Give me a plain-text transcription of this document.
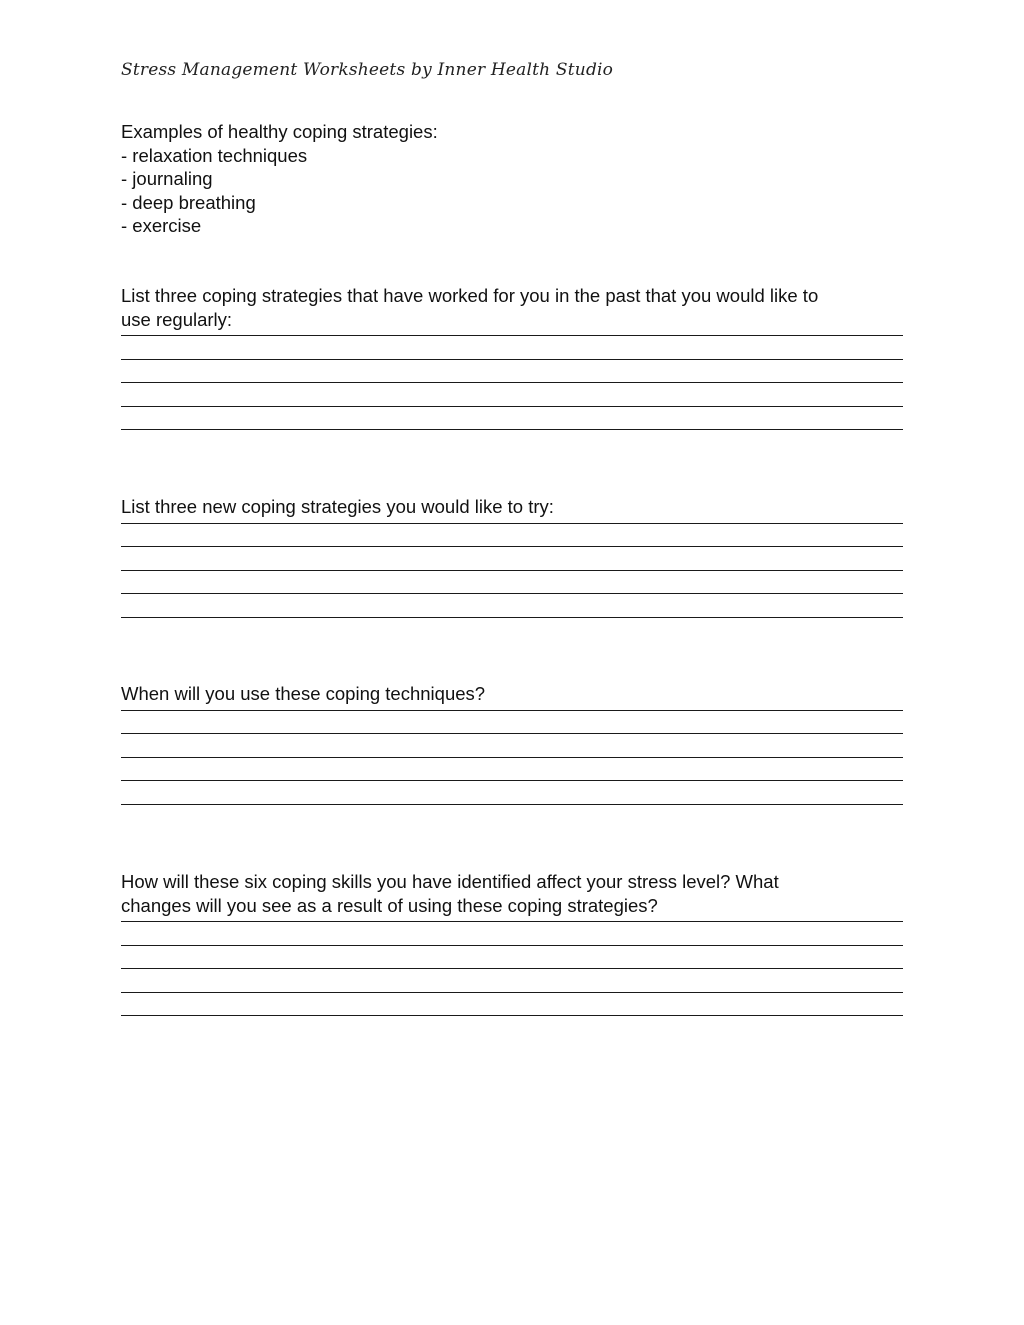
Stress Management Worksheets by Inner Health Studio
Examples of healthy coping strategies:
- relaxation techniques
- journaling
- deep breathing
- exercise
List three coping strategies that have worked for you in the past that you would like to
use regularly:
List three new coping strategies you would like to try:
When will you use these coping techniques?
How will these six coping skills you have identified affect your stress level? What
changes will you see as a result of using these coping strategies?
